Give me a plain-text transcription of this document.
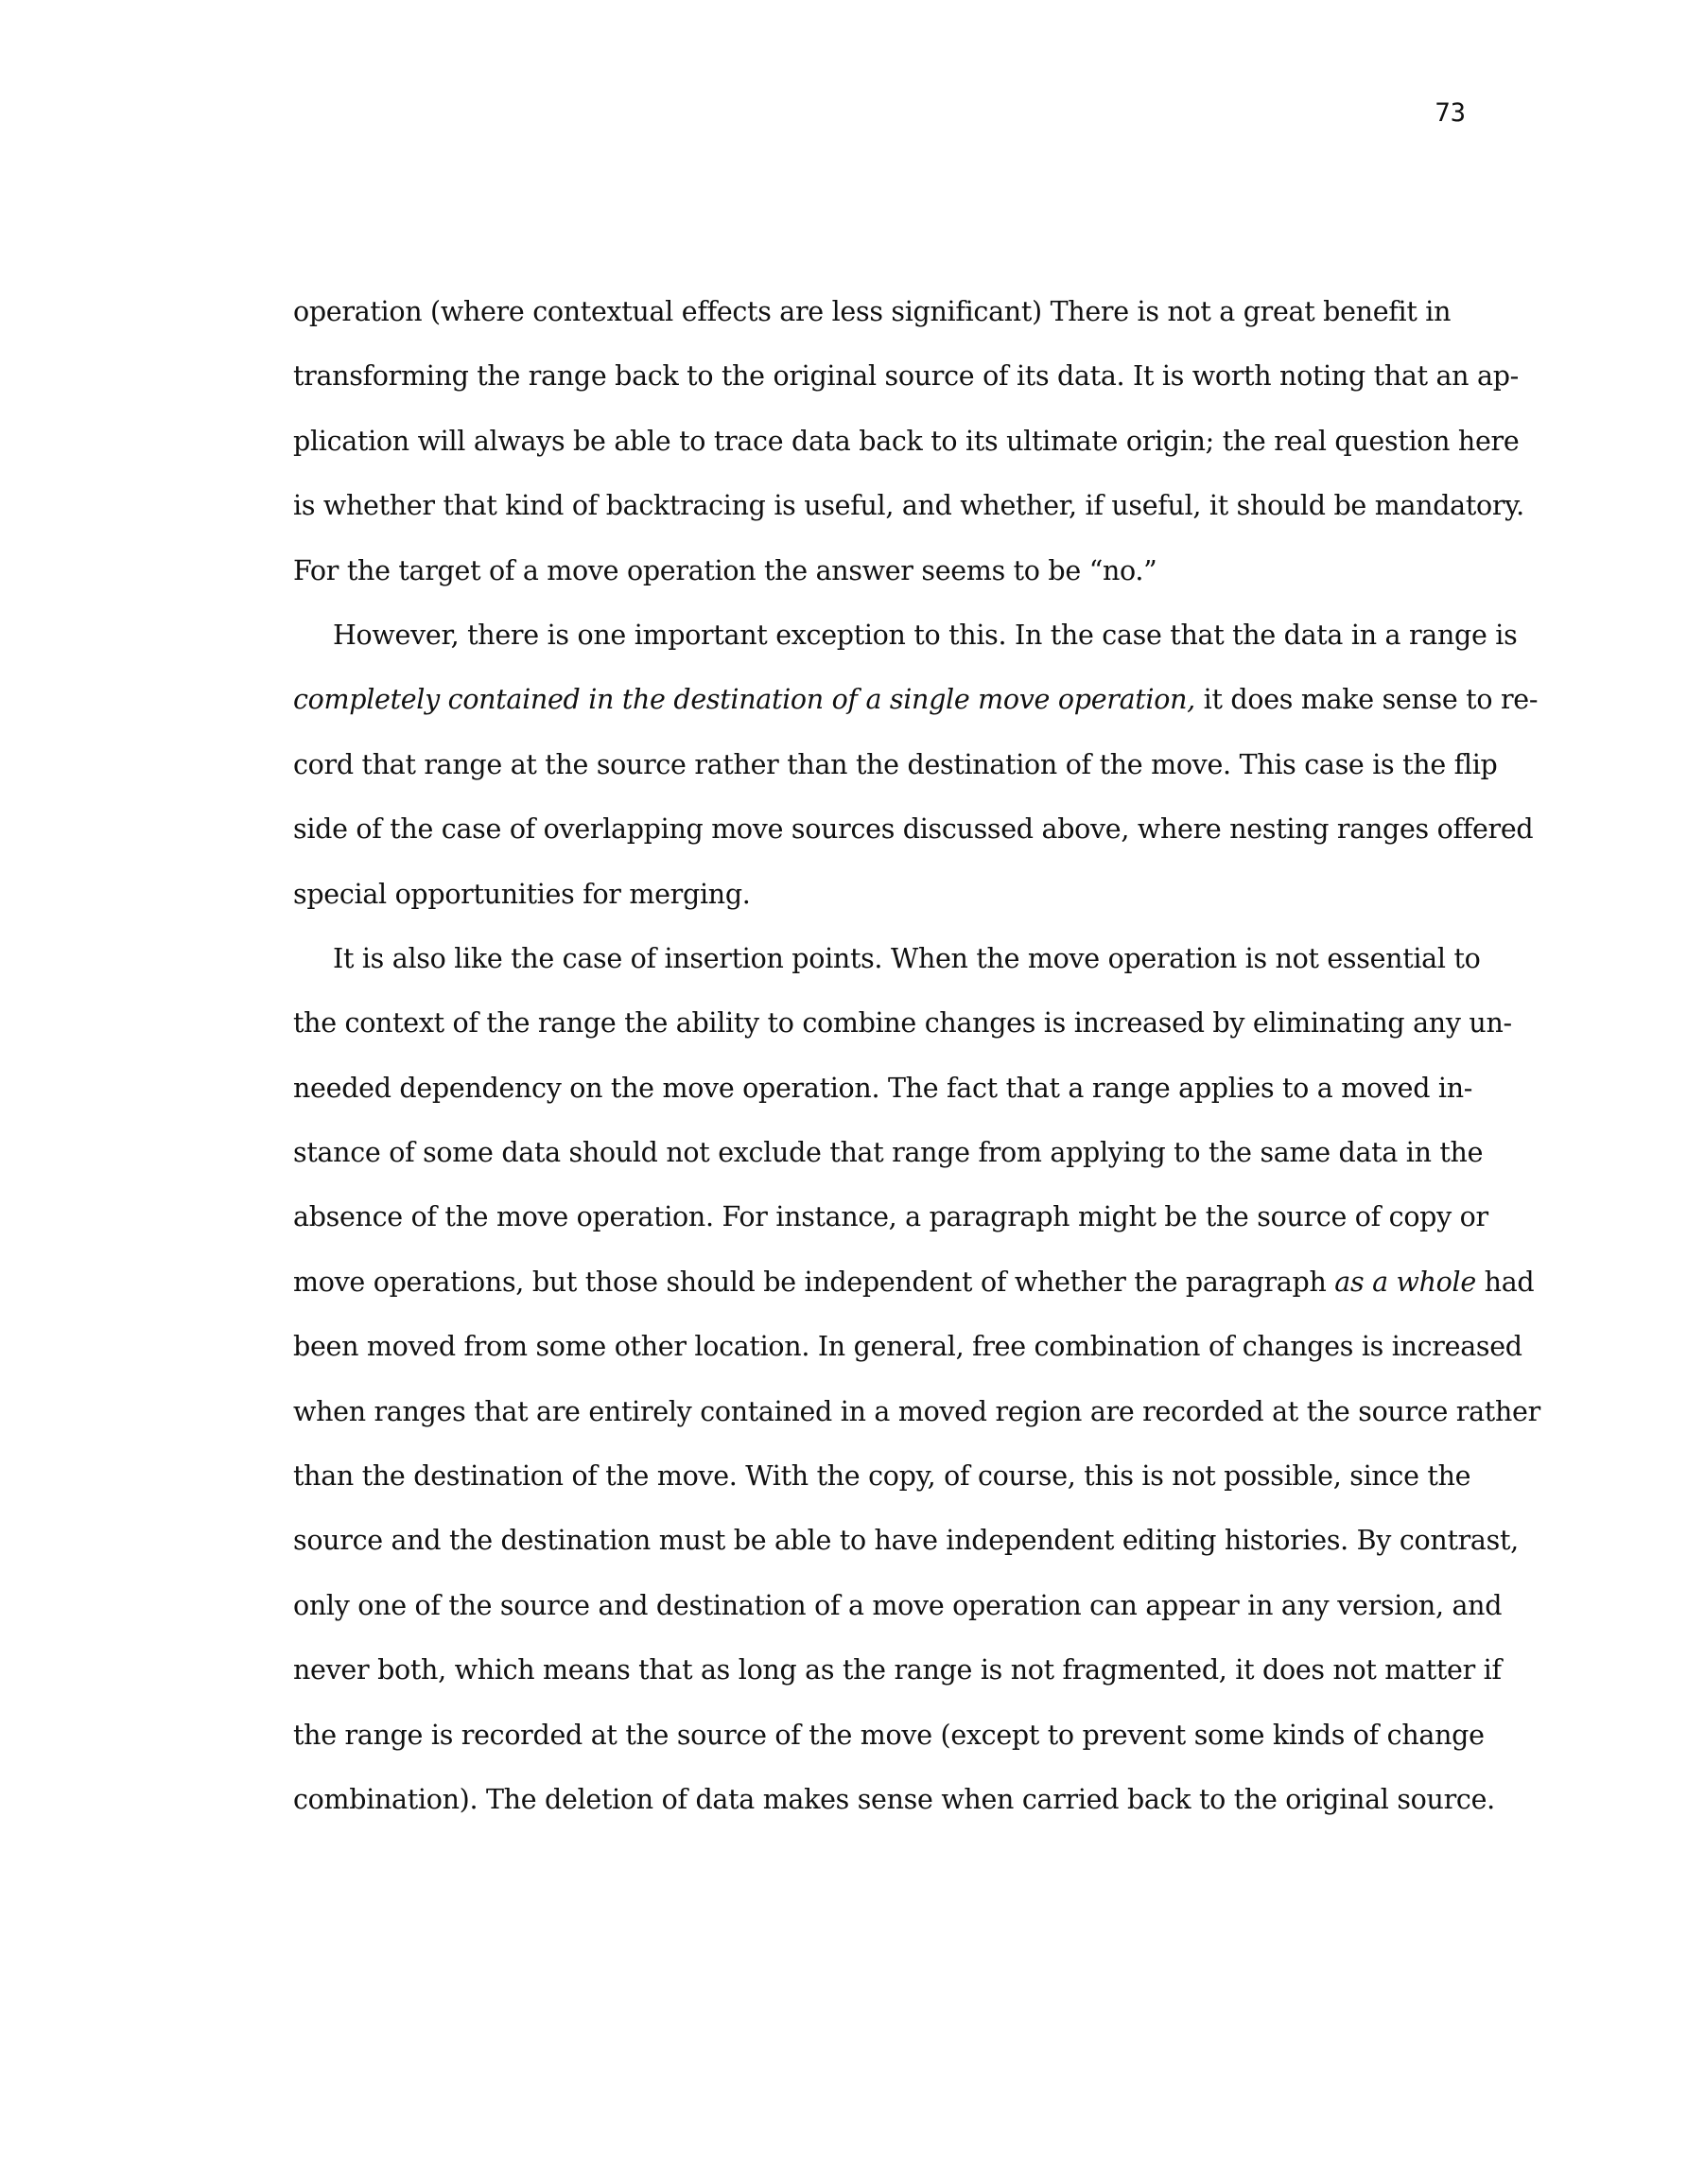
73
operation (where contextual effects are less significant) There is not a great benefit in
transforming the range back to the original source of its data. It is worth noting that an ap-
plication will always be able to trace data back to its ultimate origin; the real question here
is whether that kind of backtracing is useful, and whether, if useful, it should be mandatory.
For the target of a move operation the answer seems to be “no.”
However, there is one important exception to this. In the case that the data in a range is
completely contained in the destination of a single move operation, it does make sense to re-
cord that range at the source rather than the destination of the move. This case is the flip
side of the case of overlapping move sources discussed above, where nesting ranges offered
special opportunities for merging.
It is also like the case of insertion points. When the move operation is not essential to
the context of the range the ability to combine changes is increased by eliminating any un-
needed dependency on the move operation. The fact that a range applies to a moved in-
stance of some data should not exclude that range from applying to the same data in the
absence of the move operation. For instance, a paragraph might be the source of copy or
move operations, but those should be independent of whether the paragraph as a whole had
been moved from some other location. In general, free combination of changes is increased
when ranges that are entirely contained in a moved region are recorded at the source rather
than the destination of the move. With the copy, of course, this is not possible, since the
source and the destination must be able to have independent editing histories. By contrast,
only one of the source and destination of a move operation can appear in any version, and
never both, which means that as long as the range is not fragmented, it does not matter if
the range is recorded at the source of the move (except to prevent some kinds of change
combination). The deletion of data makes sense when carried back to the original source.
